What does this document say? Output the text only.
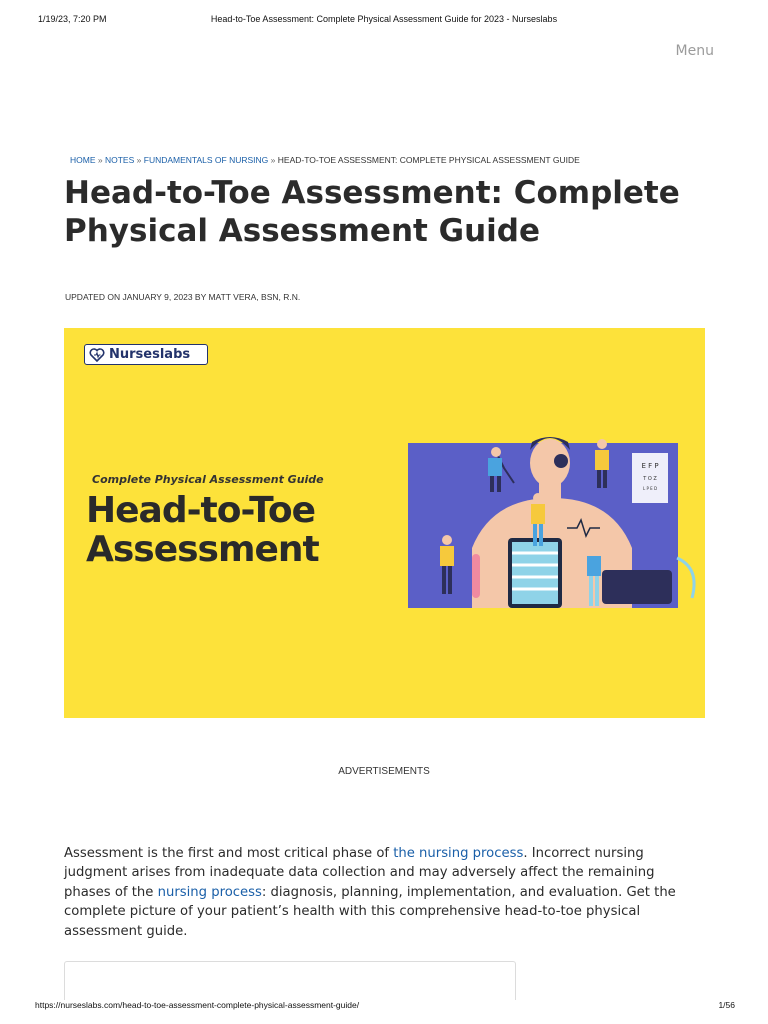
1/19/23, 7:20 PM	Head-to-Toe Assessment: Complete Physical Assessment Guide for 2023 - Nurseslabs
Menu
HOME » NOTES » FUNDAMENTALS OF NURSING » HEAD-TO-TOE ASSESSMENT: COMPLETE PHYSICAL ASSESSMENT GUIDE
Head-to-Toe Assessment: Complete Physical Assessment Guide
UPDATED ON JANUARY 9, 2023 BY MATT VERA, BSN, R.N.
Nurseslabs
Complete Physical Assessment Guide
Head-to-Toe
Assessment
E F P
T O Z
L P E D
ADVERTISEMENTS

Assessment is the first and most critical phase of the nursing process. Incorrect nursing judgment arises from inadequate data collection and may adversely affect the remaining phases of the nursing process: diagnosis, planning, implementation, and evaluation. Get the complete picture of your patient’s health with this comprehensive head-to-toe physical assessment guide.

https://nurseslabs.com/head-to-toe-assessment-complete-physical-assessment-guide/	1/56
